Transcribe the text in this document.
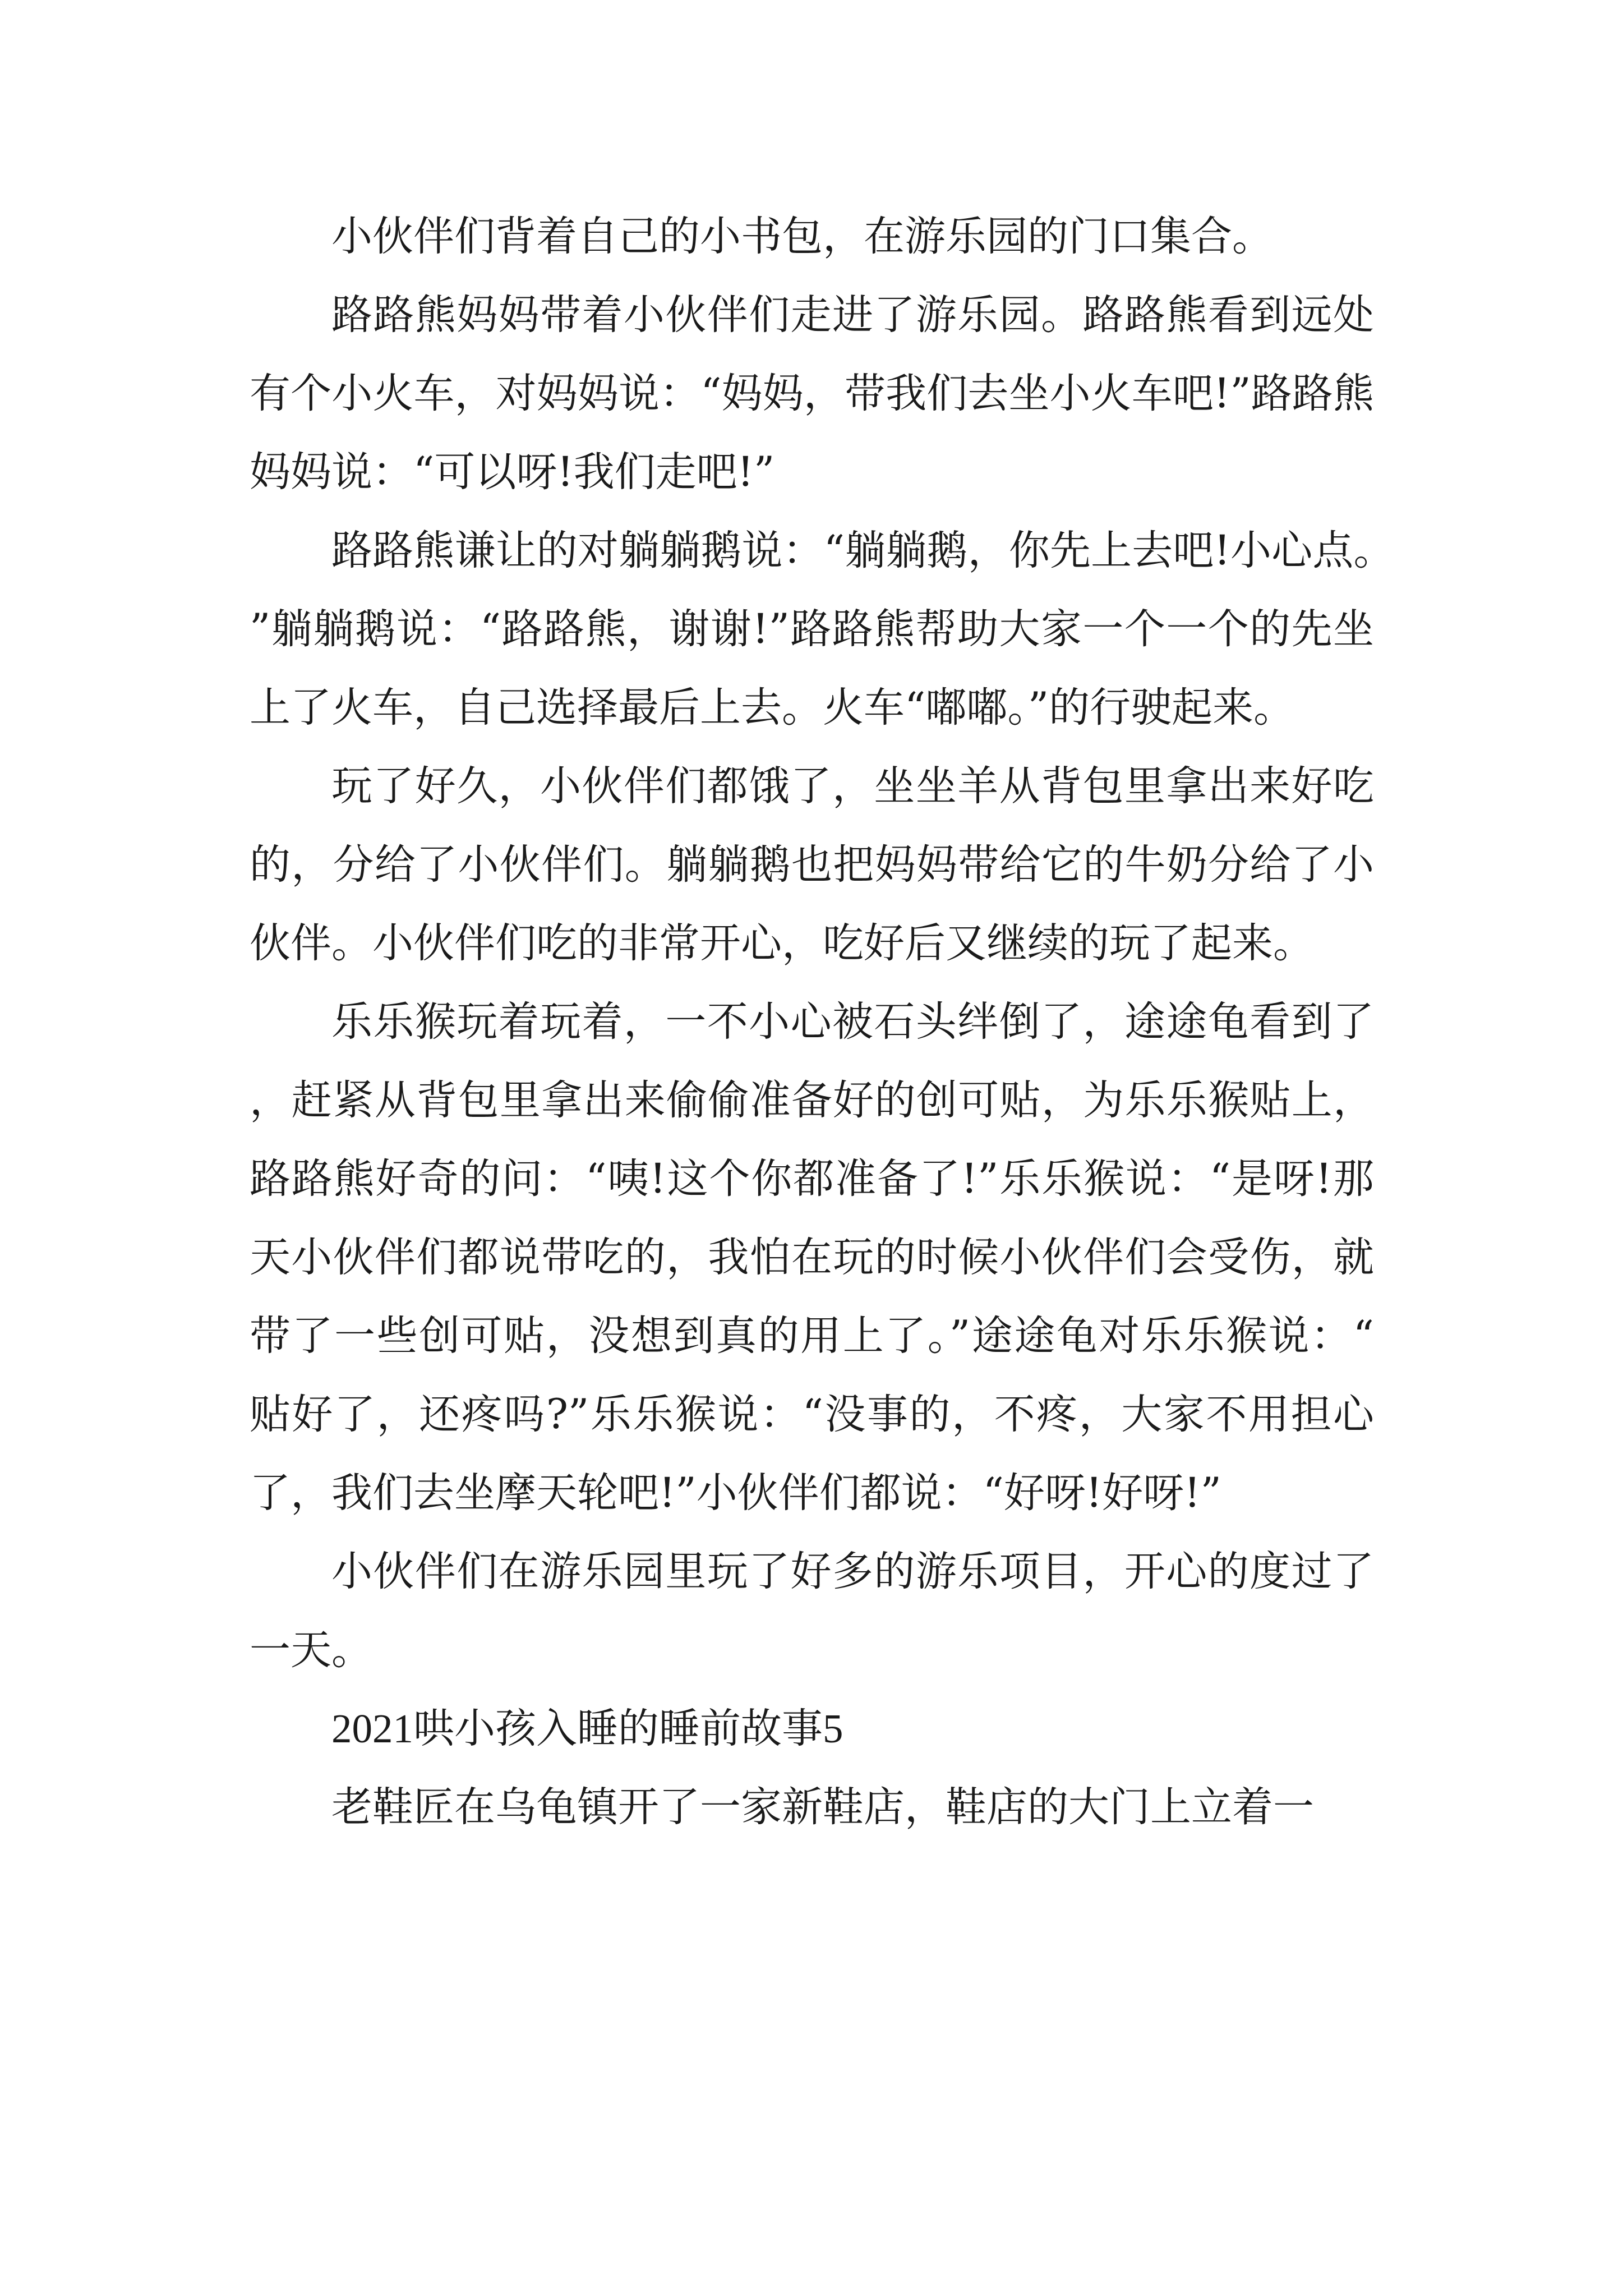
小伙伴们背着自己的小书包，在游乐园的门口集合。

路路熊妈妈带着小伙伴们走进了游乐园。路路熊看到远处有个小火车，对妈妈说：“妈妈，带我们去坐小火车吧!”路路熊妈妈说：“可以呀!我们走吧!”

路路熊谦让的对躺躺鹅说：“躺躺鹅，你先上去吧!小心点。”躺躺鹅说：“路路熊，谢谢!”路路熊帮助大家一个一个的先坐上了火车，自己选择最后上去。火车“嘟嘟。”的行驶起来。

玩了好久，小伙伴们都饿了，坐坐羊从背包里拿出来好吃的，分给了小伙伴们。躺躺鹅也把妈妈带给它的牛奶分给了小伙伴。小伙伴们吃的非常开心，吃好后又继续的玩了起来。

乐乐猴玩着玩着，一不小心被石头绊倒了，途途龟看到了，赶紧从背包里拿出来偷偷准备好的创可贴，为乐乐猴贴上，路路熊好奇的问：“咦!这个你都准备了!”乐乐猴说：“是呀!那天小伙伴们都说带吃的，我怕在玩的时候小伙伴们会受伤，就带了一些创可贴，没想到真的用上了。”途途龟对乐乐猴说：“贴好了，还疼吗?”乐乐猴说：“没事的，不疼，大家不用担心了，我们去坐摩天轮吧!”小伙伴们都说：“好呀!好呀!”

小伙伴们在游乐园里玩了好多的游乐项目，开心的度过了一天。

2021哄小孩入睡的睡前故事5

老鞋匠在乌龟镇开了一家新鞋店，鞋店的大门上立着一
